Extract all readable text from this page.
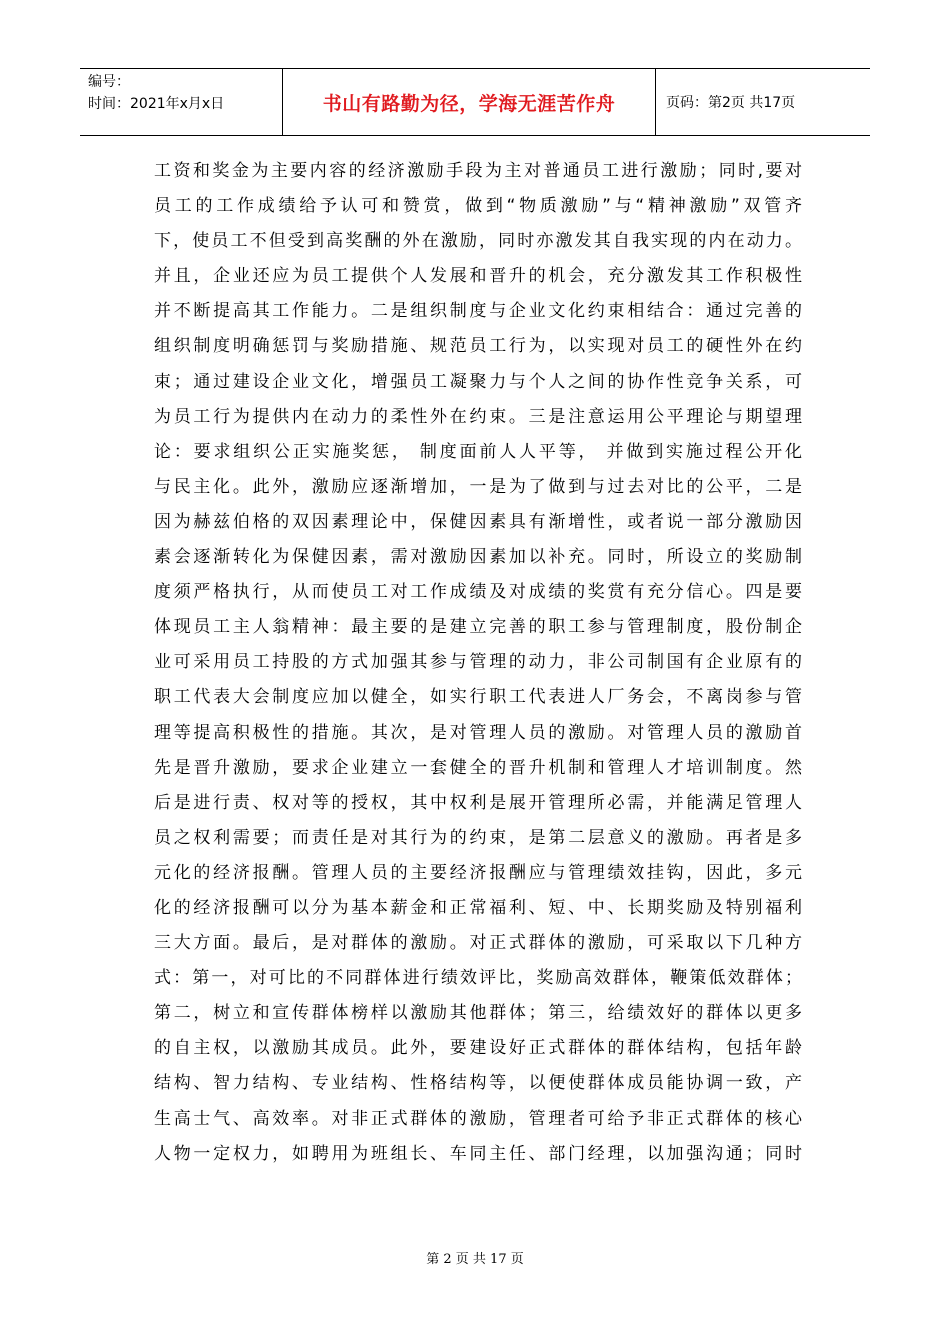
编号：
时间：2021年x月x日	书山有路勤为径，学海无涯苦作舟	页码：第2页 共17页

工资和奖金为主要内容的经济激励手段为主对普通员工进行激励；同时,要对

员工的工作成绩给予认可和赞赏，做到“物质激励”与“精神激励”双管齐

下，使员工不但受到高奖酬的外在激励，同时亦激发其自我实现的内在动力。

并且，企业还应为员工提供个人发展和晋升的机会，充分激发其工作积极性

并不断提高其工作能力。二是组织制度与企业文化约束相结合：通过完善的

组织制度明确惩罚与奖励措施、规范员工行为，以实现对员工的硬性外在约

束；通过建设企业文化，增强员工凝聚力与个人之间的协作性竞争关系，可

为员工行为提供内在动力的柔性外在约束。三是注意运用公平理论与期望理

论：要求组织公正实施奖惩， 制度面前人人平等， 并做到实施过程公开化

与民主化。此外，激励应逐渐增加，一是为了做到与过去对比的公平，二是

因为赫兹伯格的双因素理论中，保健因素具有渐增性，或者说一部分激励因

素会逐渐转化为保健因素，需对激励因素加以补充。同时，所设立的奖励制

度须严格执行，从而使员工对工作成绩及对成绩的奖赏有充分信心。四是要

体现员工主人翁精神：最主要的是建立完善的职工参与管理制度，股份制企

业可采用员工持股的方式加强其参与管理的动力，非公司制国有企业原有的

职工代表大会制度应加以健全，如实行职工代表进人厂务会，不离岗参与管

理等提高积极性的措施。其次，是对管理人员的激励。对管理人员的激励首

先是晋升激励，要求企业建立一套健全的晋升机制和管理人才培训制度。然

后是进行责、权对等的授权，其中权利是展开管理所必需，并能满足管理人

员之权利需要；而责任是对其行为的约束，是第二层意义的激励。再者是多

元化的经济报酬。管理人员的主要经济报酬应与管理绩效挂钩，因此，多元

化的经济报酬可以分为基本薪金和正常福利、短、中、长期奖励及特别福利

三大方面。最后，是对群体的激励。对正式群体的激励，可采取以下几种方

式：第一，对可比的不同群体进行绩效评比，奖励高效群体，鞭策低效群体；

第二，树立和宣传群体榜样以激励其他群体；第三，给绩效好的群体以更多

的自主权，以激励其成员。此外，要建设好正式群体的群体结构，包括年龄

结构、智力结构、专业结构、性格结构等，以便使群体成员能协调一致，产

生高士气、高效率。对非正式群体的激励，管理者可给予非正式群体的核心

人物一定权力，如聘用为班组长、车同主任、部门经理，以加强沟通；同时

第 2 页 共 17 页
